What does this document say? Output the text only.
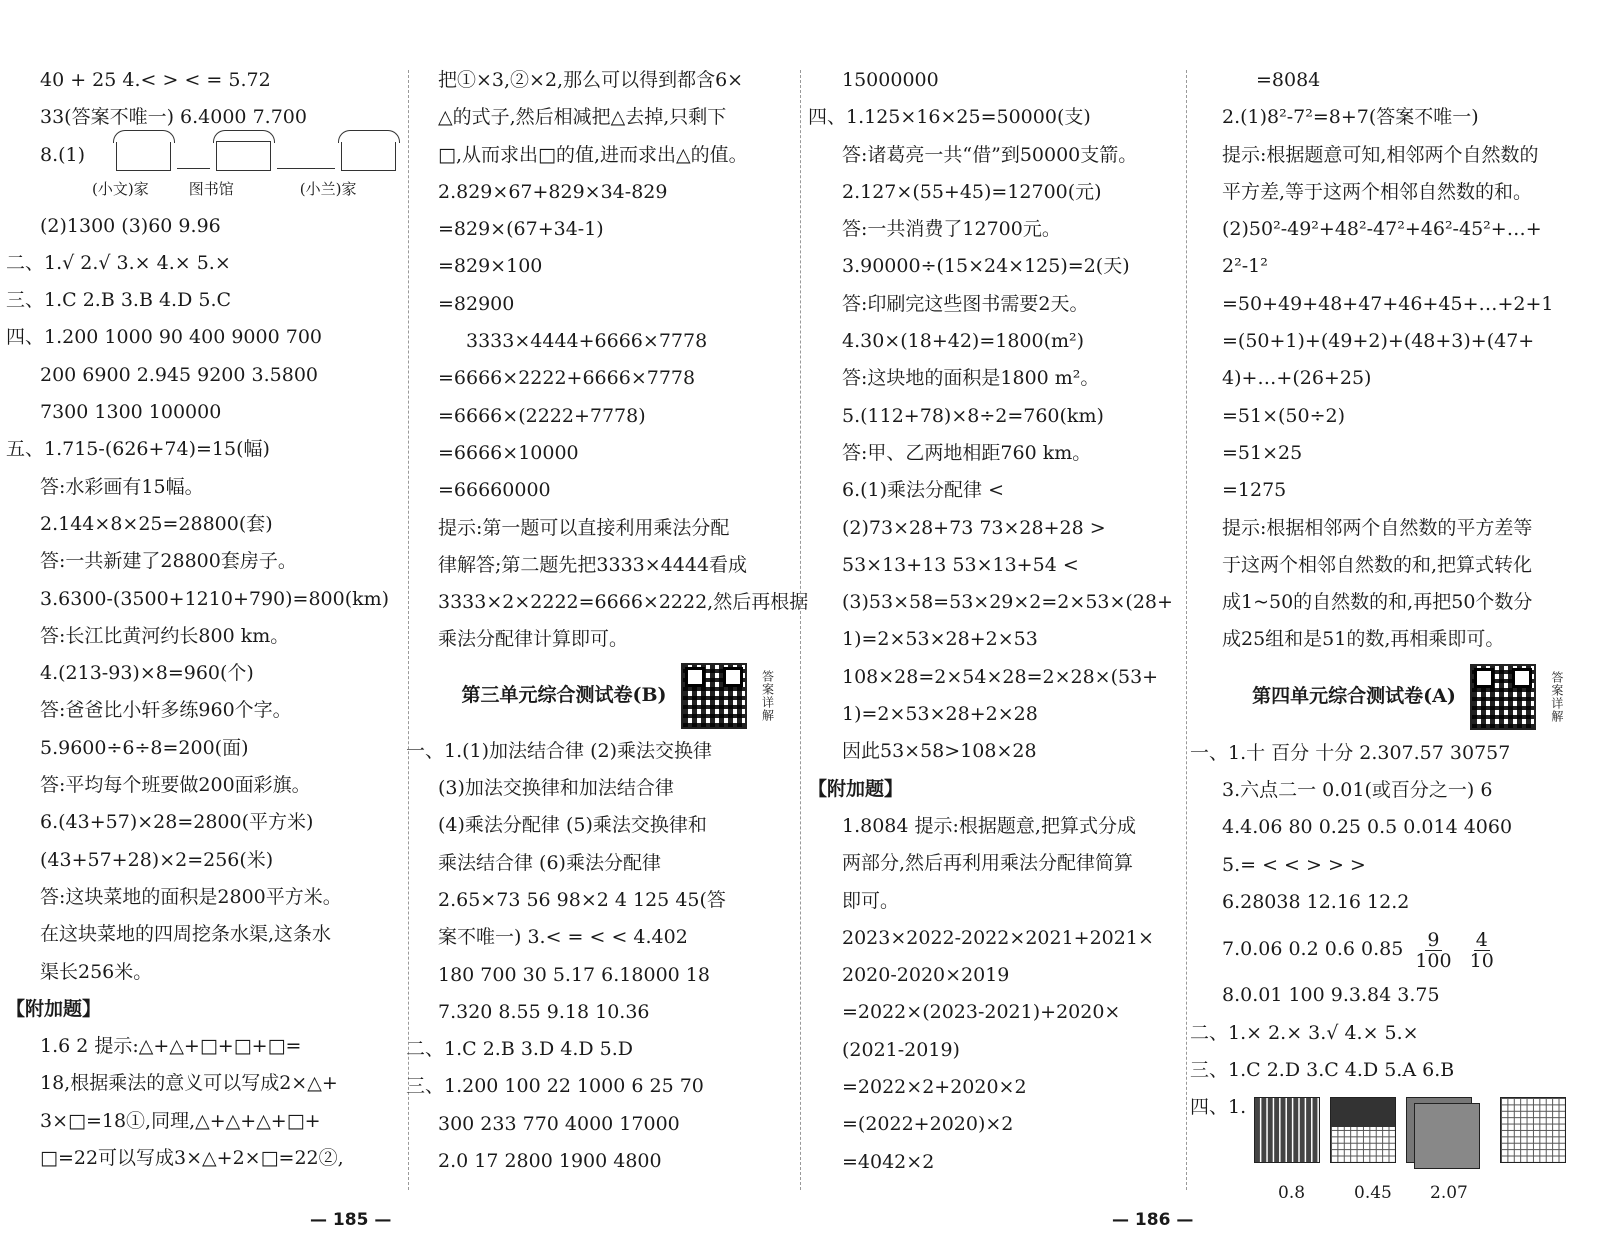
40 + 25 4.< > < = 5.72
33(答案不唯一) 6.4000 7.700
8.(1)
(小文)家	图书馆	(小兰)家
(2)1300 (3)60 9.96
二、1.√ 2.√ 3.× 4.× 5.×
三、1.C 2.B 3.B 4.D 5.C
四、1.200 1000 90 400 9000 700
200 6900 2.945 9200 3.5800
7300 1300 100000
五、1.715-(626+74)=15(幅)
答:水彩画有15幅。
2.144×8×25=28800(套)
答:一共新建了28800套房子。
3.6300-(3500+1210+790)=800(km)
答:长江比黄河约长800 km。
4.(213-93)×8=960(个)
答:爸爸比小轩多练960个字。
5.9600÷6÷8=200(面)
答:平均每个班要做200面彩旗。
6.(43+57)×28=2800(平方米)
(43+57+28)×2=256(米)
答:这块菜地的面积是2800平方米。
在这块菜地的四周挖条水渠,这条水
渠长256米。
【附加题】
1.6 2 提示:△+△+□+□+□=
18,根据乘法的意义可以写成2×△+
3×□=18①,同理,△+△+△+□+
□=22可以写成3×△+2×□=22②,
把①×3,②×2,那么可以得到都含6×
△的式子,然后相减把△去掉,只剩下
□,从而求出□的值,进而求出△的值。
2.829×67+829×34-829
=829×(67+34-1)
=829×100
=82900
3333×4444+6666×7778
=6666×2222+6666×7778
=6666×(2222+7778)
=6666×10000
=66660000
提示:第一题可以直接利用乘法分配
律解答;第二题先把3333×4444看成
3333×2×2222=6666×2222,然后再根据
乘法分配律计算即可。
第三单元综合测试卷(B)	答案详解
一、1.(1)加法结合律 (2)乘法交换律
(3)加法交换律和加法结合律
(4)乘法分配律 (5)乘法交换律和
乘法结合律 (6)乘法分配律
2.65×73 56 98×2 4 125 45(答
案不唯一) 3.< = < < 4.402
180 700 30 5.17 6.18000 18
7.320 8.55 9.18 10.36
二、1.C 2.B 3.D 4.D 5.D
三、1.200 100 22 1000 6 25 70
300 233 770 4000 17000
2.0 17 2800 1900 4800
15000000
四、1.125×16×25=50000(支)
答:诸葛亮一共“借”到50000支箭。
2.127×(55+45)=12700(元)
答:一共消费了12700元。
3.90000÷(15×24×125)=2(天)
答:印刷完这些图书需要2天。
4.30×(18+42)=1800(m²)
答:这块地的面积是1800 m²。
5.(112+78)×8÷2=760(km)
答:甲、乙两地相距760 km。
6.(1)乘法分配律 <
(2)73×28+73 73×28+28 >
53×13+13 53×13+54 <
(3)53×58=53×29×2=2×53×(28+
1)=2×53×28+2×53
108×28=2×54×28=2×28×(53+
1)=2×53×28+2×28
因此53×58>108×28
【附加题】
1.8084 提示:根据题意,把算式分成
两部分,然后再利用乘法分配律简算
即可。
2023×2022-2022×2021+2021×
2020-2020×2019
=2022×(2023-2021)+2020×
(2021-2019)
=2022×2+2020×2
=(2022+2020)×2
=4042×2
=8084
2.(1)8²-7²=8+7(答案不唯一)
提示:根据题意可知,相邻两个自然数的
平方差,等于这两个相邻自然数的和。
(2)50²-49²+48²-47²+46²-45²+…+
2²-1²
=50+49+48+47+46+45+…+2+1
=(50+1)+(49+2)+(48+3)+(47+
4)+…+(26+25)
=51×(50÷2)
=51×25
=1275
提示:根据相邻两个自然数的平方差等
于这两个相邻自然数的和,把算式转化
成1~50的自然数的和,再把50个数分
成25组和是51的数,再相乘即可。
第四单元综合测试卷(A)	答案详解
一、1.十 百分 十分 2.307.57 30757
3.六点二一 0.01(或百分之一) 6
4.4.06 80 0.25 0.5 0.014 4060
5.= < < > > >
6.28038 12.16 12.2
7.0.06 0.2 0.6 $0.85 \frac{9}{100}$
$\frac{4}{10}$
8.0.01 100 9.3.84 3.75
二、1.× 2.× 3.√ 4.× 5.×
三、1.C 2.D 3.C 4.D 5.A 6.B
四、1.
0.8	0.45	2.07
— 185 —	— 186 —
